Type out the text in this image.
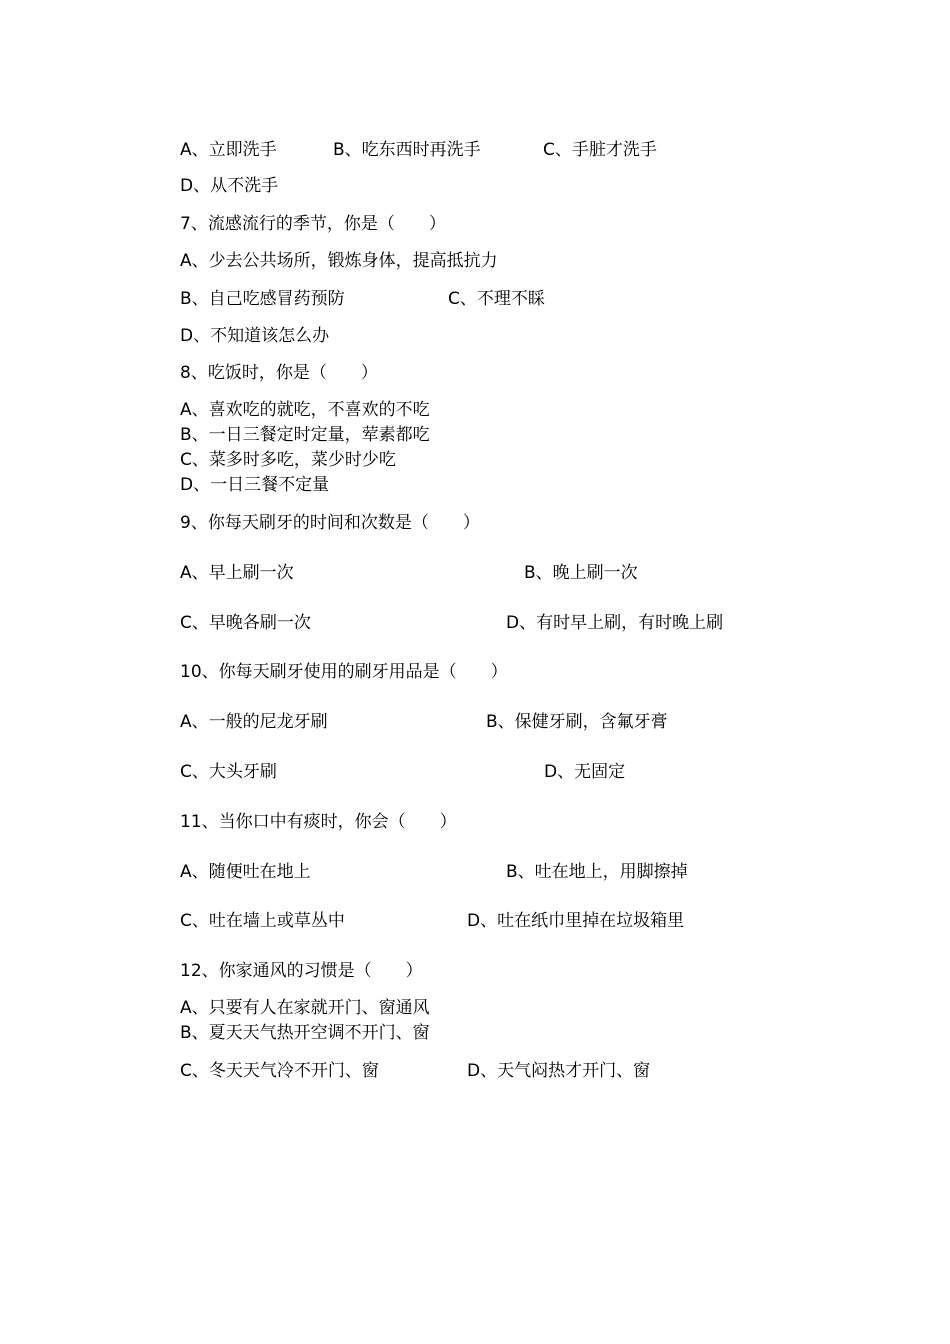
A、立即洗手	B、吃东西时再洗手	C、手脏才洗手

D、从不洗手

7、流感流行的季节，你是（　　）

A、少去公共场所，锻炼身体，提高抵抗力

B、自己吃感冒药预防	C、不理不睬

D、不知道该怎么办

8、吃饭时，你是（　　）

A、喜欢吃的就吃，不喜欢的不吃

B、一日三餐定时定量，荤素都吃

C、菜多时多吃，菜少时少吃

D、一日三餐不定量

9、你每天刷牙的时间和次数是（　　）

A、早上刷一次	B、晚上刷一次

C、早晚各刷一次	D、有时早上刷，有时晚上刷

10、你每天刷牙使用的刷牙用品是（　　）

A、一般的尼龙牙刷	B、保健牙刷，含氟牙膏

C、大头牙刷	D、无固定

11、当你口中有痰时，你会（　　）

A、随便吐在地上	B、吐在地上，用脚擦掉

C、吐在墙上或草丛中	D、吐在纸巾里掉在垃圾箱里

12、你家通风的习惯是（　　）

A、只要有人在家就开门、窗通风

B、夏天天气热开空调不开门、窗

C、冬天天气冷不开门、窗	D、天气闷热才开门、窗
